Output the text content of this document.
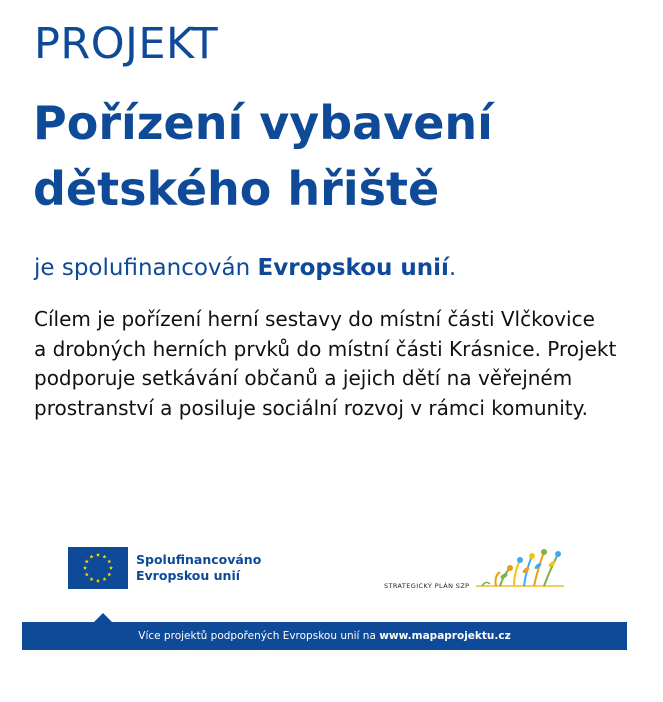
PROJEKT
Pořízení vybavení
dětského hřiště
je spolufinancován Evropskou unií.
Cílem je pořízení herní sestavy do místní části Vlčkovice
a drobných herních prvků do místní části Krásnice. Projekt
podporuje setkávání občanů a jejich dětí na věřejném
prostranství a posiluje sociální rozvoj v rámci komunity.
Spolufinancováno
Evropskou unií
STRATEGICKÝ PLÁN SZP
Více projektů podpořených Evropskou unií na www.mapaprojektu.cz
